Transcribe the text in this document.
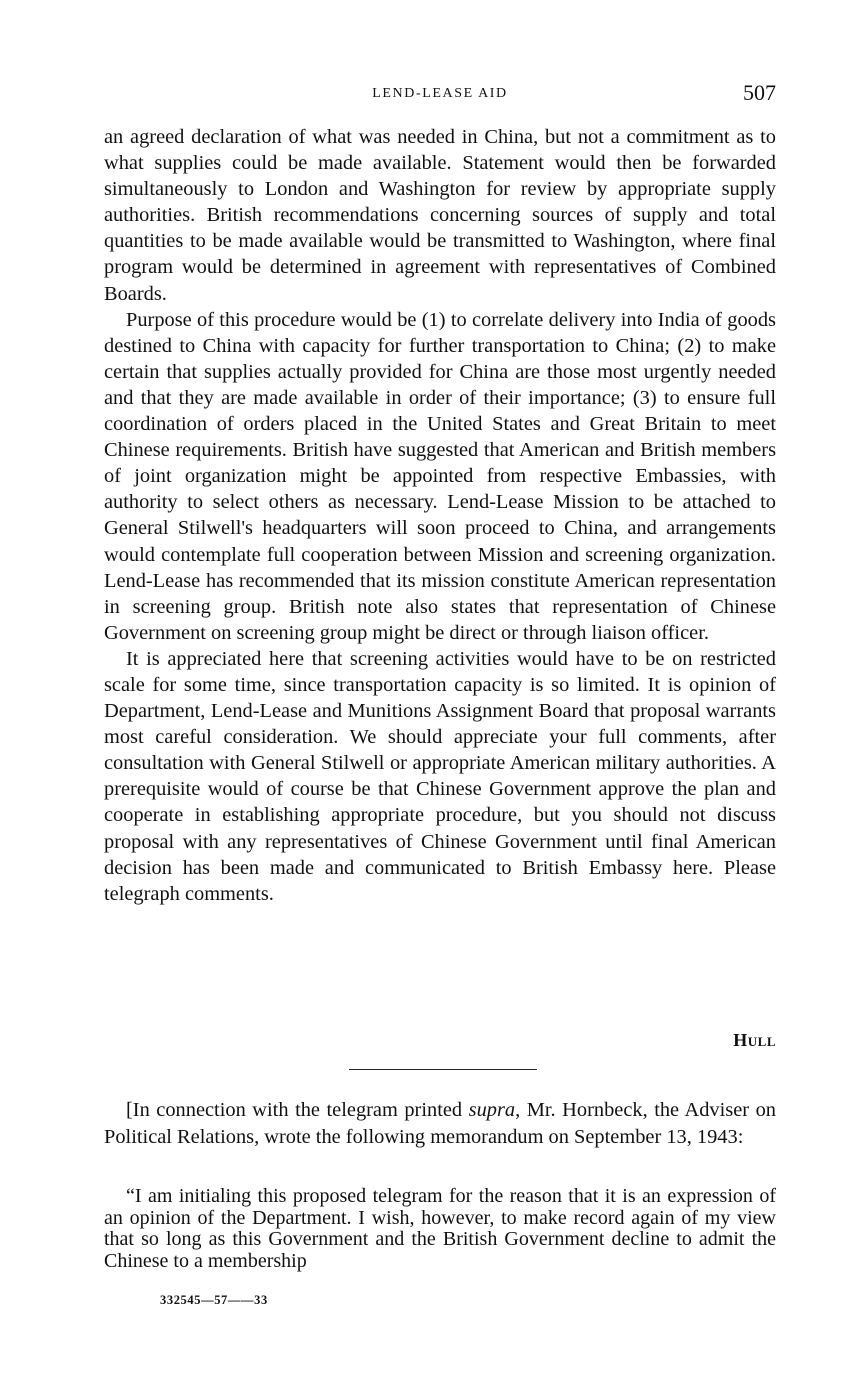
LEND-LEASE AID	507

an agreed declaration of what was needed in China, but not a commitment as to what supplies could be made available. Statement would then be forwarded simultaneously to London and Washington for review by appropriate supply authorities. British recommendations concerning sources of supply and total quantities to be made available would be transmitted to Washington, where final program would be determined in agreement with representatives of Combined Boards.

Purpose of this procedure would be (1) to correlate delivery into India of goods destined to China with capacity for further transportation to China; (2) to make certain that supplies actually provided for China are those most urgently needed and that they are made available in order of their importance; (3) to ensure full coordination of orders placed in the United States and Great Britain to meet Chinese requirements. British have suggested that American and British members of joint organization might be appointed from respective Embassies, with authority to select others as necessary. Lend-Lease Mission to be attached to General Stilwell's headquarters will soon proceed to China, and arrangements would contemplate full cooperation between Mission and screening organization. Lend-Lease has recommended that its mission constitute American representation in screening group. British note also states that representation of Chinese Government on screening group might be direct or through liaison officer.

It is appreciated here that screening activities would have to be on restricted scale for some time, since transportation capacity is so limited. It is opinion of Department, Lend-Lease and Munitions Assignment Board that proposal warrants most careful consideration. We should appreciate your full comments, after consultation with General Stilwell or appropriate American military authorities. A prerequisite would of course be that Chinese Government approve the plan and cooperate in establishing appropriate procedure, but you should not discuss proposal with any representatives of Chinese Government until final American decision has been made and communicated to British Embassy here. Please telegraph comments.

Hull

[In connection with the telegram printed supra, Mr. Hornbeck, the Adviser on Political Relations, wrote the following memorandum on September 13, 1943:

“I am initialing this proposed telegram for the reason that it is an expression of an opinion of the Department. I wish, however, to make record again of my view that so long as this Government and the British Government decline to admit the Chinese to a membership

332545—57——33
